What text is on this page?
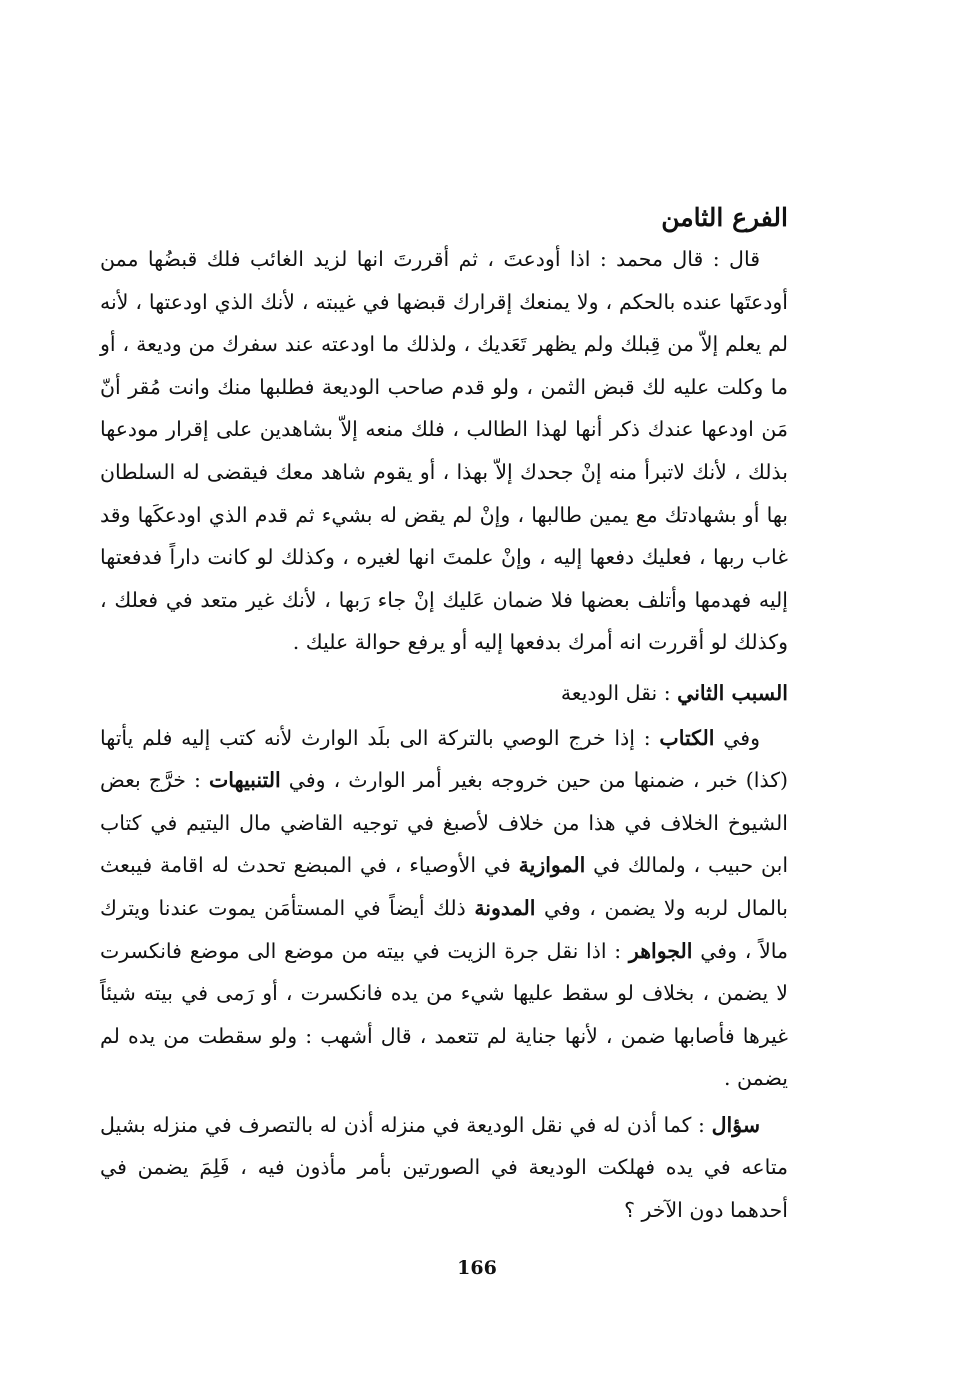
الفرع الثامن

قال : قال محمد : اذا أودعتَ ، ثم أقررتَ انها لزيد الغائب فلك قبضُها ممن أودعتَها عنده بالحكم ، ولا يمنعك إقرارك قبضها في غيبته ، لأنك الذي اودعتها ، لأنه لم يعلم إلاّ من قِبلك ولم يظهر تَعَديك ، ولذلك ما اودعته عند سفرك من وديعة ، أو ما وكلت عليه لك قبض الثمن ، ولو قدم صاحب الوديعة فطلبها منك وانت مُقر أنّ مَن اودعها عندك ذكر أنها لهذا الطالب ، فلك منعه إلاّ بشاهدين على إقرار مودعها بذلك ، لأنك لاتبرأ منه إنْ جحدك إلاّ بهذا ، أو يقوم شاهد معك فيقضى له السلطان بها أو بشهادتك مع يمين طالبها ، وإنْ لم يقض له بشيء ثم قدم الذي اودعكَها وقد غاب ربها ، فعليك دفعها إليه ، وإنْ علمتَ انها لغيره ، وكذلك لو كانت داراً فدفعتها إليه فهدمها وأتلف بعضها فلا ضمان عَليك إنْ جاء رَبها ، لأنك غير متعد في فعلك ، وكذلك لو أقررت انه أمرك بدفعها إليه أو يرفع حوالة عليك .

السبب الثاني : نقل الوديعة

وفي الكتاب : إذا خرج الوصي بالتركة الى بلَد الوارث لأنه كتب إليه فلم يأتها (كذا) خبر ، ضمنها من حين خروجه بغير أمر الوارث ، وفي التنبيهات : خرَّج بعض الشيوخ الخلاف في هذا من خلاف لأصبغ في توجيه القاضي مال اليتيم في كتاب ابن حبيب ، ولمالك في الموازية في الأوصياء ، في المبضع تحدث له اقامة فيبعث بالمال لربه ولا يضمن ، وفي المدونة ذلك أيضاً في المستأمَن يموت عندنا ويترك مالاً ، وفي الجواهر : اذا نقل جرة الزيت في بيته من موضع الى موضع فانكسرت لا يضمن ، بخلاف لو سقط عليها شيء من يده فانكسرت ، أو رَمى في بيته شيئاً غيرها فأصابها ضمن ، لأنها جناية لم تتعمد ، قال أشهب : ولو سقطت من يده لم يضمن .

سؤال : كما أذن له في نقل الوديعة في منزله أذن له بالتصرف في منزله بشيل متاعه في يده فهلكت الوديعة في الصورتين بأمر مأذون فيه ، فَلِمَ يضمن في أحدهما دون الآخر ؟

166
